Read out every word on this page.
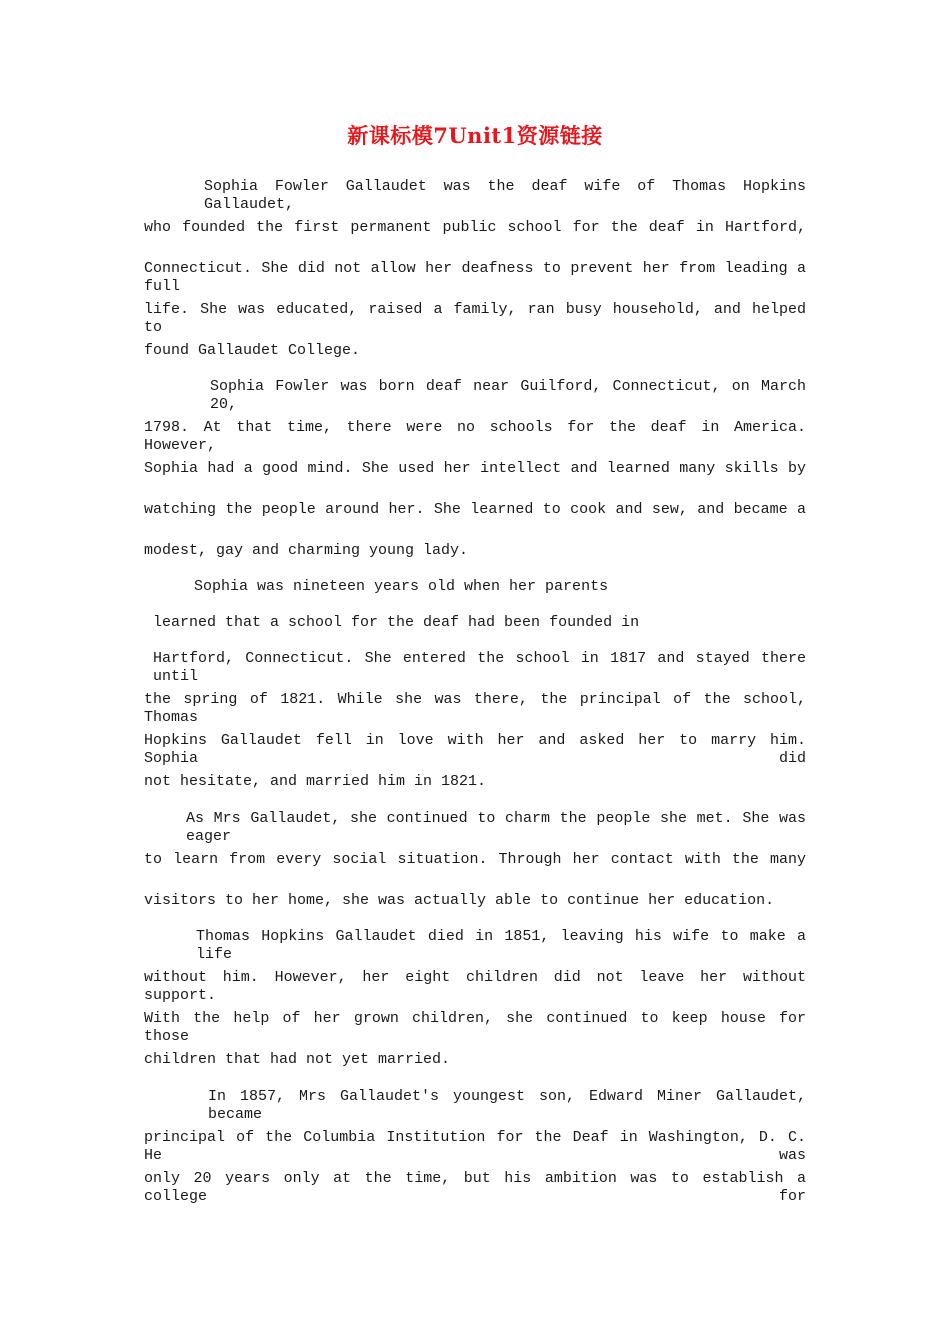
新课标模7Unit1资源链接
Sophia Fowler Gallaudet was the deaf wife of Thomas Hopkins Gallaudet,
who founded the first permanent public school for the deaf in Hartford,
Connecticut. She did not allow her deafness to prevent her from leading a full
life. She was educated, raised a family, ran busy household, and helped to
found Gallaudet College.
Sophia Fowler was born deaf near Guilford, Connecticut, on March 20,
1798. At that time, there were no schools for the deaf in America. However,
Sophia had a good mind. She used her intellect and learned many skills by
watching the people around her. She learned to cook and sew, and became a
modest, gay and charming young lady.
Sophia was nineteen years old when her parents
learned that a school for the deaf had been founded in
Hartford, Connecticut. She entered the school in 1817 and stayed there until
the spring of 1821. While she was there, the principal of the school, Thomas
Hopkins Gallaudet fell in love with her and asked her to marry him. Sophia did
not hesitate, and married him in 1821.
As Mrs Gallaudet, she continued to charm the people she met. She was eager
to learn from every social situation. Through her contact with the many
visitors to her home, she was actually able to continue her education.
Thomas Hopkins Gallaudet died in 1851, leaving his wife to make a life
without him. However, her eight children did not leave her without support.
With the help of her grown children, she continued to keep house for those
children that had not yet married.
In 1857, Mrs Gallaudet's youngest son, Edward Miner Gallaudet, became
principal of the Columbia Institution for the Deaf in Washington, D. C. He was
only 20 years only at the time, but his ambition was to establish a college for
